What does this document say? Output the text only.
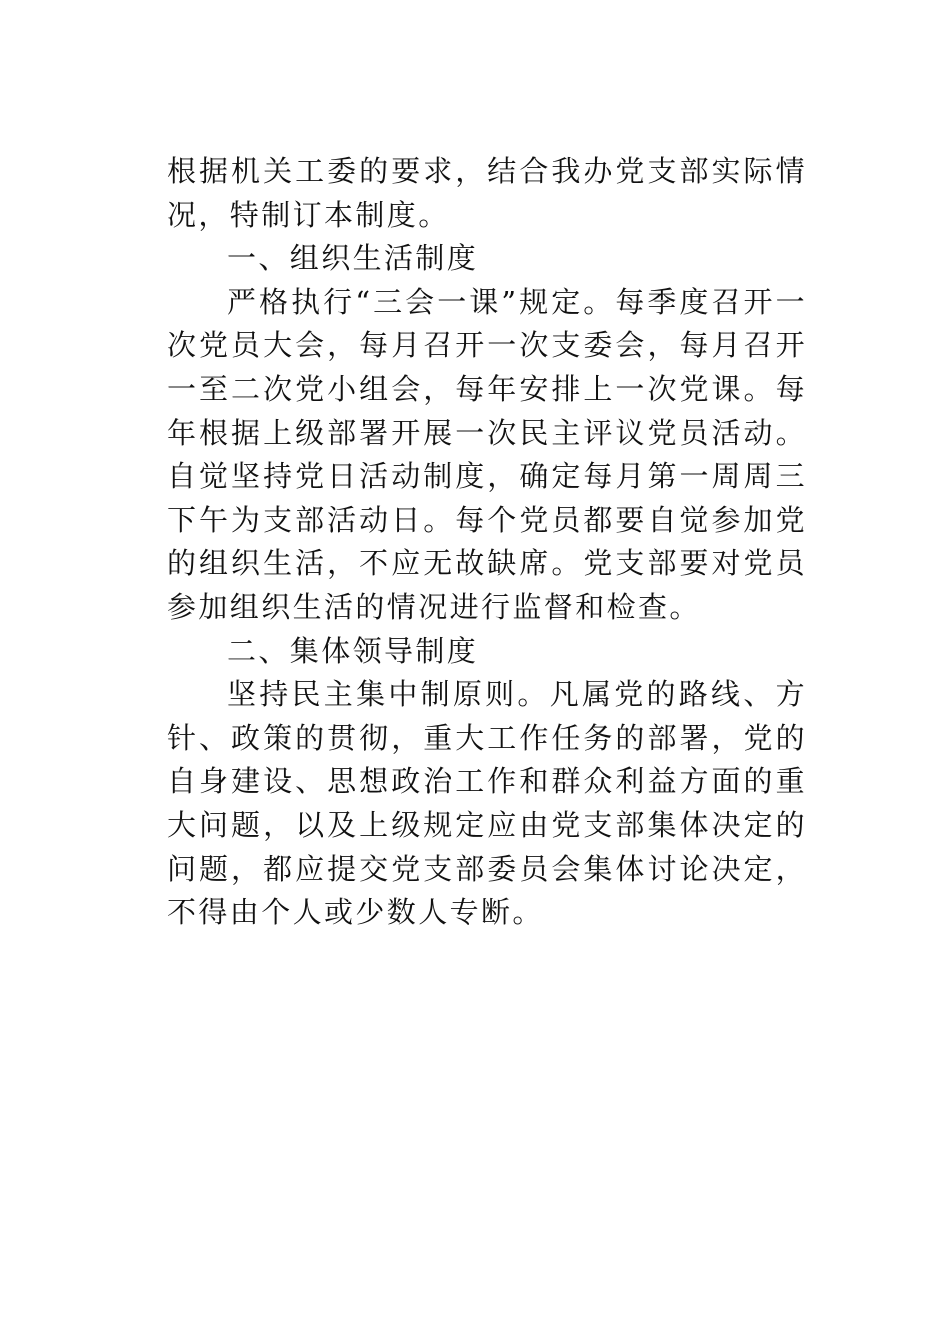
根据机关工委的要求，结合我办党支部实际情况，特制订本制度。

一、组织生活制度

严格执行“三会一课”规定。每季度召开一次党员大会，每月召开一次支委会，每月召开一至二次党小组会，每年安排上一次党课。每年根据上级部署开展一次民主评议党员活动。自觉坚持党日活动制度，确定每月第一周周三下午为支部活动日。每个党员都要自觉参加党的组织生活，不应无故缺席。党支部要对党员参加组织生活的情况进行监督和检查。

二、集体领导制度

坚持民主集中制原则。凡属党的路线、方针、政策的贯彻，重大工作任务的部署，党的自身建设、思想政治工作和群众利益方面的重大问题，以及上级规定应由党支部集体决定的问题，都应提交党支部委员会集体讨论决定，不得由个人或少数人专断。
